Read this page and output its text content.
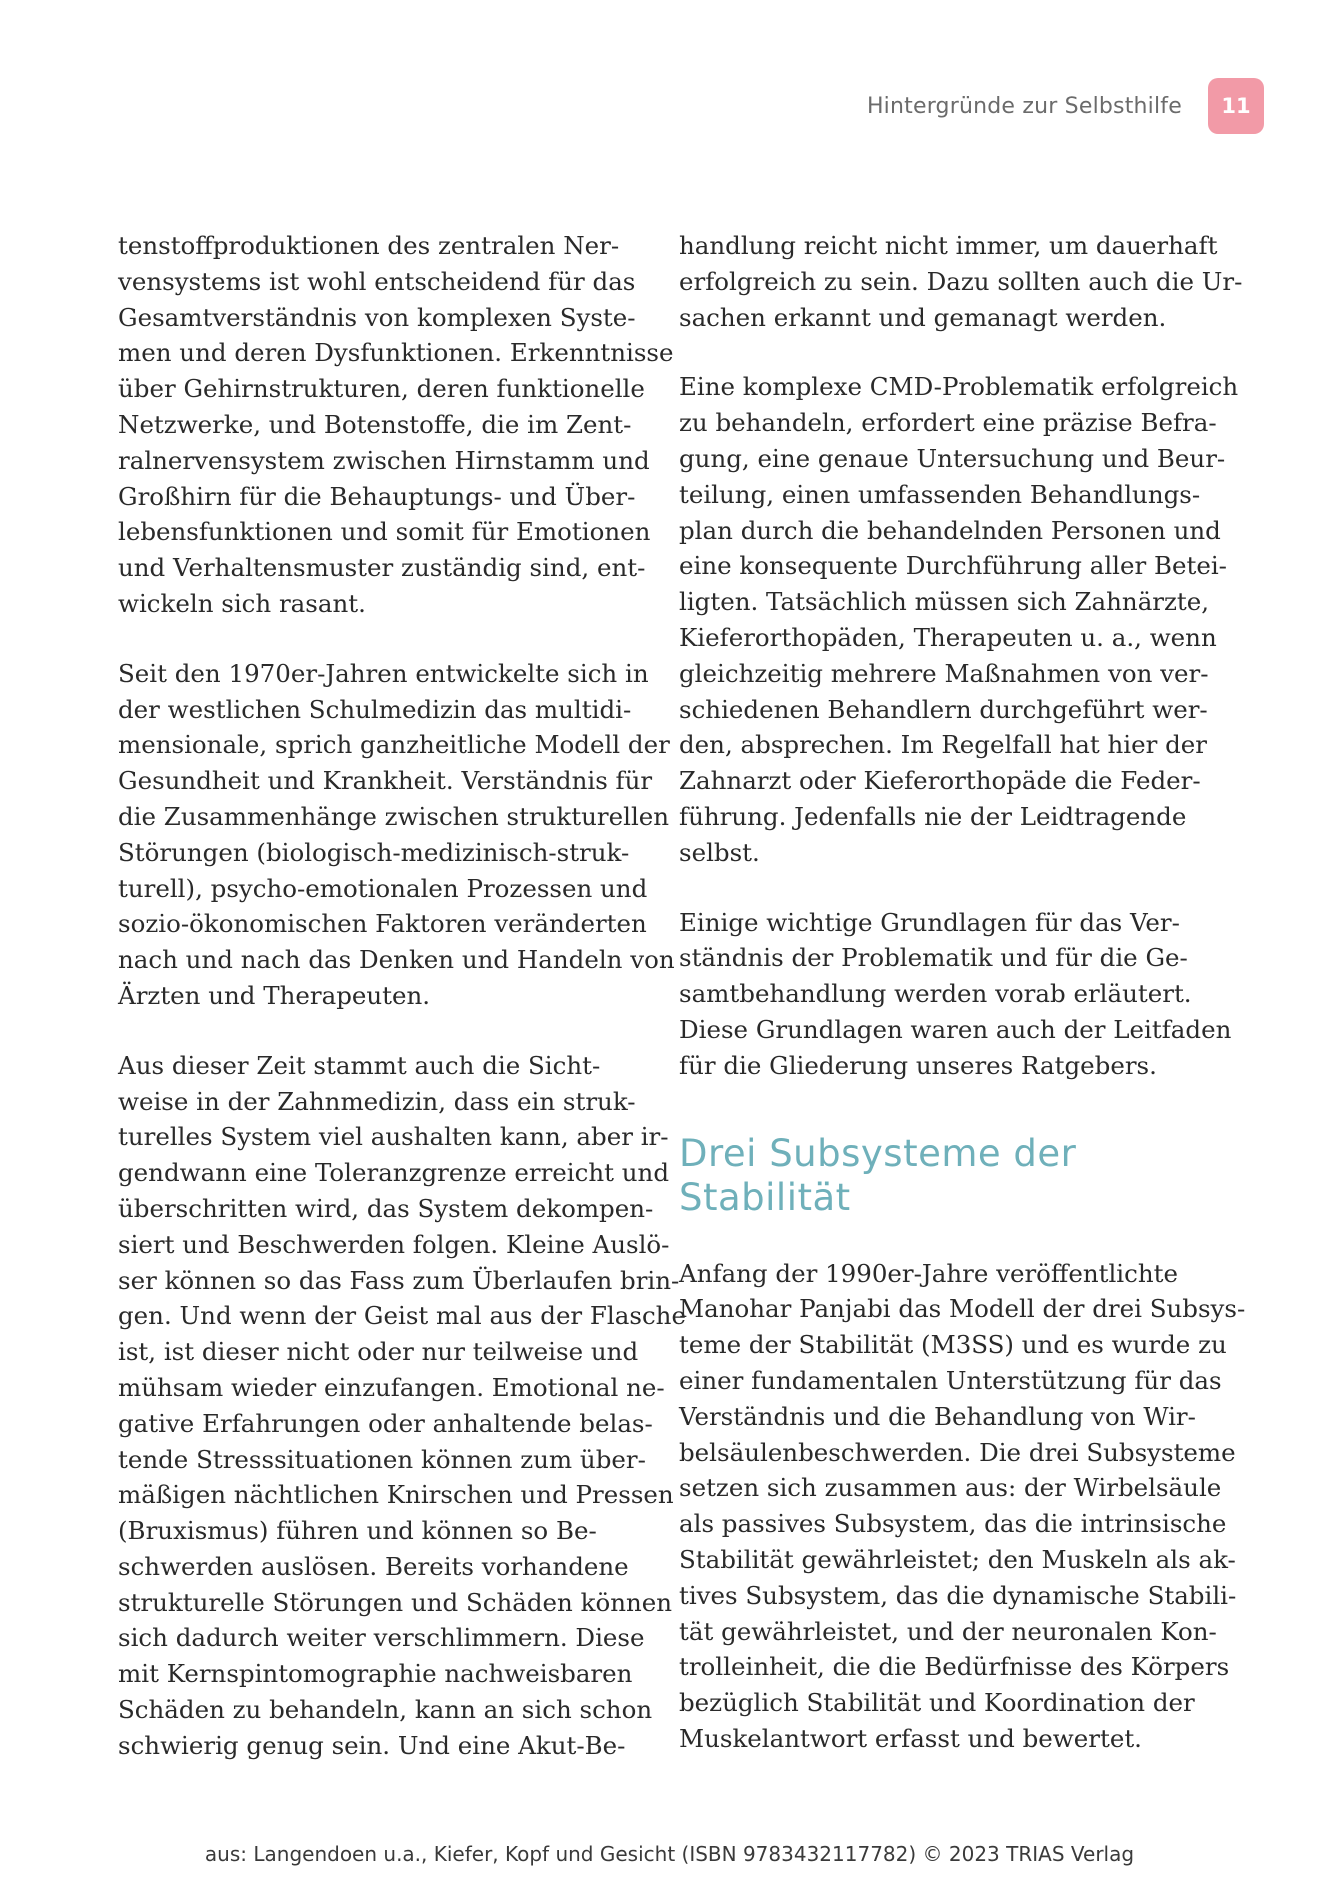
Hintergründe zur Selbsthilfe	11

tenstoffproduktionen des zentralen Ner-
vensystems ist wohl entscheidend für das
Gesamtverständnis von komplexen Syste-
men und deren Dysfunktionen. Erkenntnisse
über Gehirnstrukturen, deren funktionelle
Netzwerke, und Botenstoffe, die im Zent-
ralnervensystem zwischen Hirnstamm und
Großhirn für die Behauptungs- und Über-
lebensfunktionen und somit für Emotionen
und Verhaltensmuster zuständig sind, ent-
wickeln sich rasant.

Seit den 1970er-Jahren entwickelte sich in
der westlichen Schulmedizin das multidi-
mensionale, sprich ganzheitliche Modell der
Gesundheit und Krankheit. Verständnis für
die Zusammenhänge zwischen strukturellen
Störungen (biologisch-medizinisch-struk-
turell), psycho-emotionalen Prozessen und
sozio-ökonomischen Faktoren veränderten
nach und nach das Denken und Handeln von
Ärzten und Therapeuten.

Aus dieser Zeit stammt auch die Sicht-
weise in der Zahnmedizin, dass ein struk-
turelles System viel aushalten kann, aber ir-
gendwann eine Toleranzgrenze erreicht und
überschritten wird, das System dekompen-
siert und Beschwerden folgen. Kleine Auslö-
ser können so das Fass zum Überlaufen brin-
gen. Und wenn der Geist mal aus der Flasche
ist, ist dieser nicht oder nur teilweise und
mühsam wieder einzufangen. Emotional ne-
gative Erfahrungen oder anhaltende belas-
tende Stresssituationen können zum über-
mäßigen nächtlichen Knirschen und Pressen
(Bruxismus) führen und können so Be-
schwerden auslösen. Bereits vorhandene
strukturelle Störungen und Schäden können
sich dadurch weiter verschlimmern. Diese
mit Kernspintomographie nachweisbaren
Schäden zu behandeln, kann an sich schon
schwierig genug sein. Und eine Akut-Be-

handlung reicht nicht immer, um dauerhaft
erfolgreich zu sein. Dazu sollten auch die Ur-
sachen erkannt und gemanagt werden.

Eine komplexe CMD-Problematik erfolgreich
zu behandeln, erfordert eine präzise Befra-
gung, eine genaue Untersuchung und Beur-
teilung, einen umfassenden Behandlungs-
plan durch die behandelnden Personen und
eine konsequente Durchführung aller Betei-
ligten. Tatsächlich müssen sich Zahnärzte,
Kieferorthopäden, Therapeuten u. a., wenn
gleichzeitig mehrere Maßnahmen von ver-
schiedenen Behandlern durchgeführt wer-
den, absprechen. Im Regelfall hat hier der
Zahnarzt oder Kieferorthopäde die Feder-
führung. Jedenfalls nie der Leidtragende
selbst.

Einige wichtige Grundlagen für das Ver-
ständnis der Problematik und für die Ge-
samtbehandlung werden vorab erläutert.
Diese Grundlagen waren auch der Leitfaden
für die Gliederung unseres Ratgebers.

Drei Subsysteme der
Stabilität

Anfang der 1990er-Jahre veröffentlichte
Manohar Panjabi das Modell der drei Subsys-
teme der Stabilität (M3SS) und es wurde zu
einer fundamentalen Unterstützung für das
Verständnis und die Behandlung von Wir-
belsäulenbeschwerden. Die drei Subsysteme
setzen sich zusammen aus: der Wirbelsäule
als passives Subsystem, das die intrinsische
Stabilität gewährleistet; den Muskeln als ak-
tives Subsystem, das die dynamische Stabili-
tät gewährleistet, und der neuronalen Kon-
trolleinheit, die die Bedürfnisse des Körpers
bezüglich Stabilität und Koordination der
Muskelantwort erfasst und bewertet.

aus: Langendoen u.a., Kiefer, Kopf und Gesicht (ISBN 9783432117782) © 2023 TRIAS Verlag
